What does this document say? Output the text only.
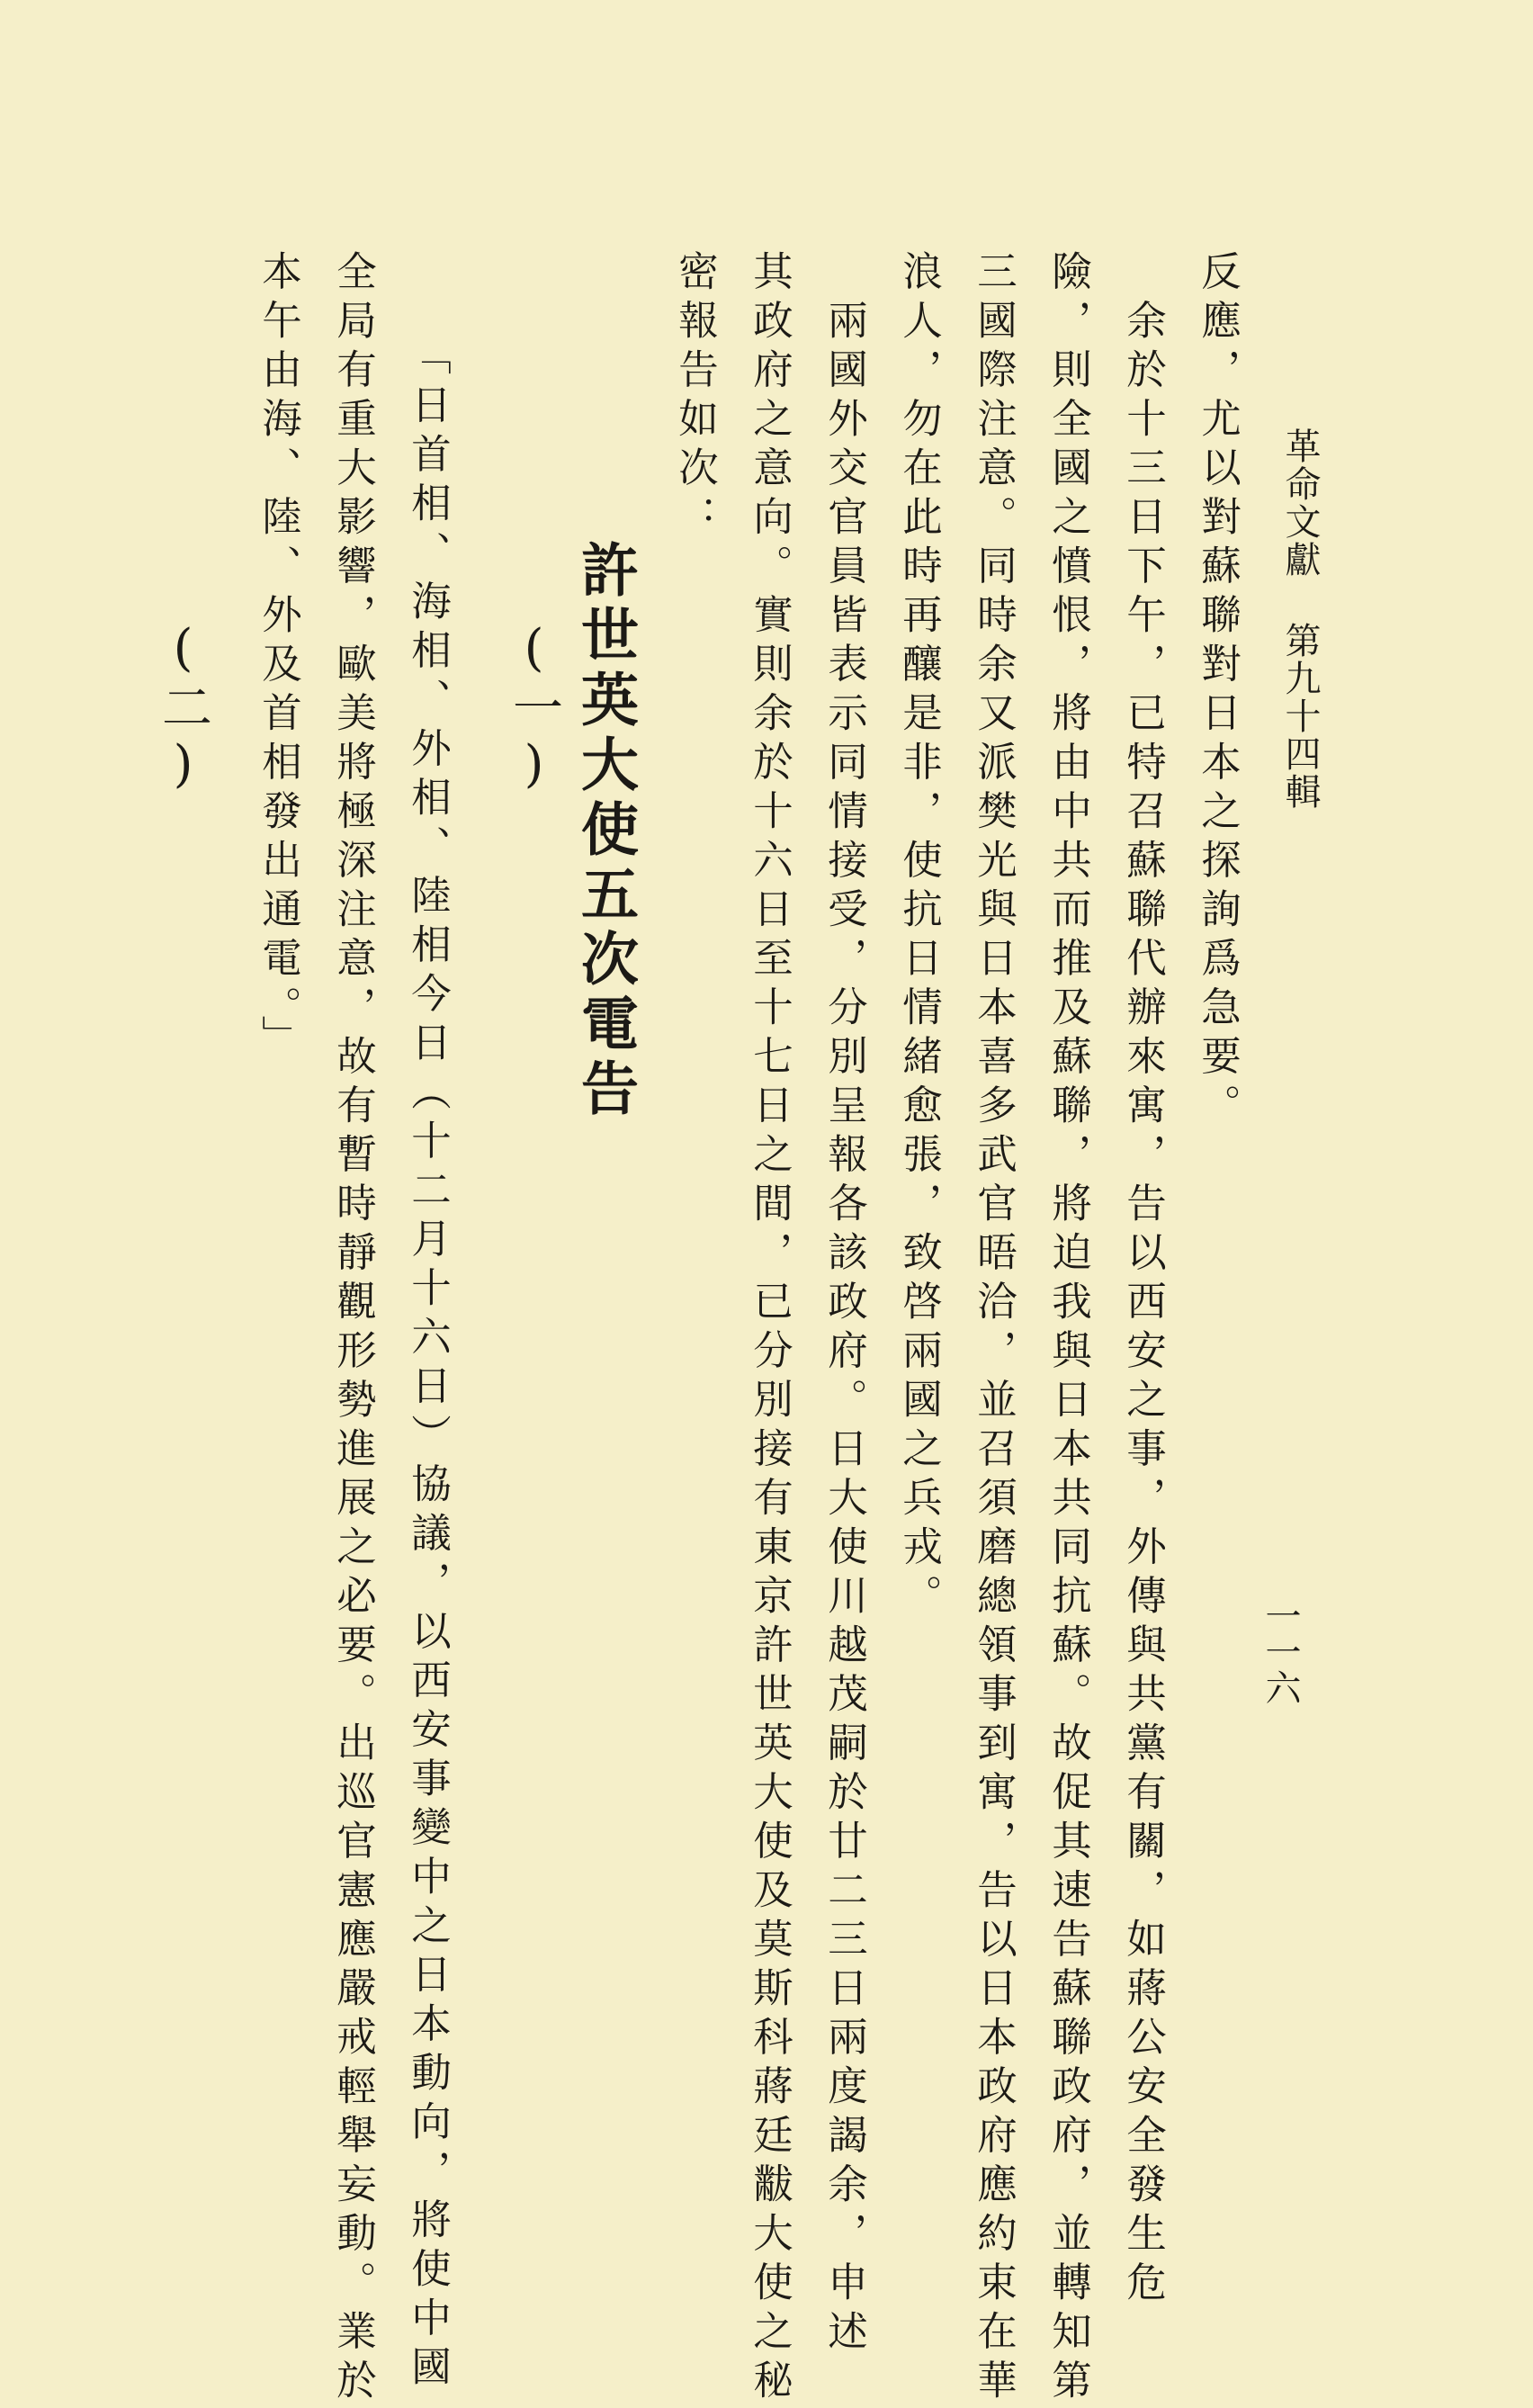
革命文獻 第九十四輯
一一六
反應，尤以對蘇聯對日本之探詢爲急要。
　余於十三日下午，已特召蘇聯代辦來寓，告以西安之事，外傳與共黨有關，如蔣公安全發生危
險，則全國之憤恨，將由中共而推及蘇聯，將迫我與日本共同抗蘇。故促其速告蘇聯政府，並轉知第
三國際注意。同時余又派樊光與日本喜多武官晤洽，並召須磨總領事到寓，告以日本政府應約束在華
浪人，勿在此時再釀是非，使抗日情緒愈張，致啓兩國之兵戎。
　兩國外交官員皆表示同情接受，分別呈報各該政府。日大使川越茂嗣於廿二三日兩度謁余，申述
其政府之意向。實則余於十六日至十七日之間，已分別接有東京許世英大使及莫斯科蔣廷黻大使之秘
密報告如次：
許世英大使五次電告
(一)
「日首相、海相、外相、陸相今日（十二月十六日）協議，以西安事變中之日本動向，將使中國
全局有重大影響，歐美將極深注意，故有暫時靜觀形勢進展之必要。出巡官憲應嚴戒輕舉妄動。業於
本午由海、陸、外及首相發出通電。」
(二)
